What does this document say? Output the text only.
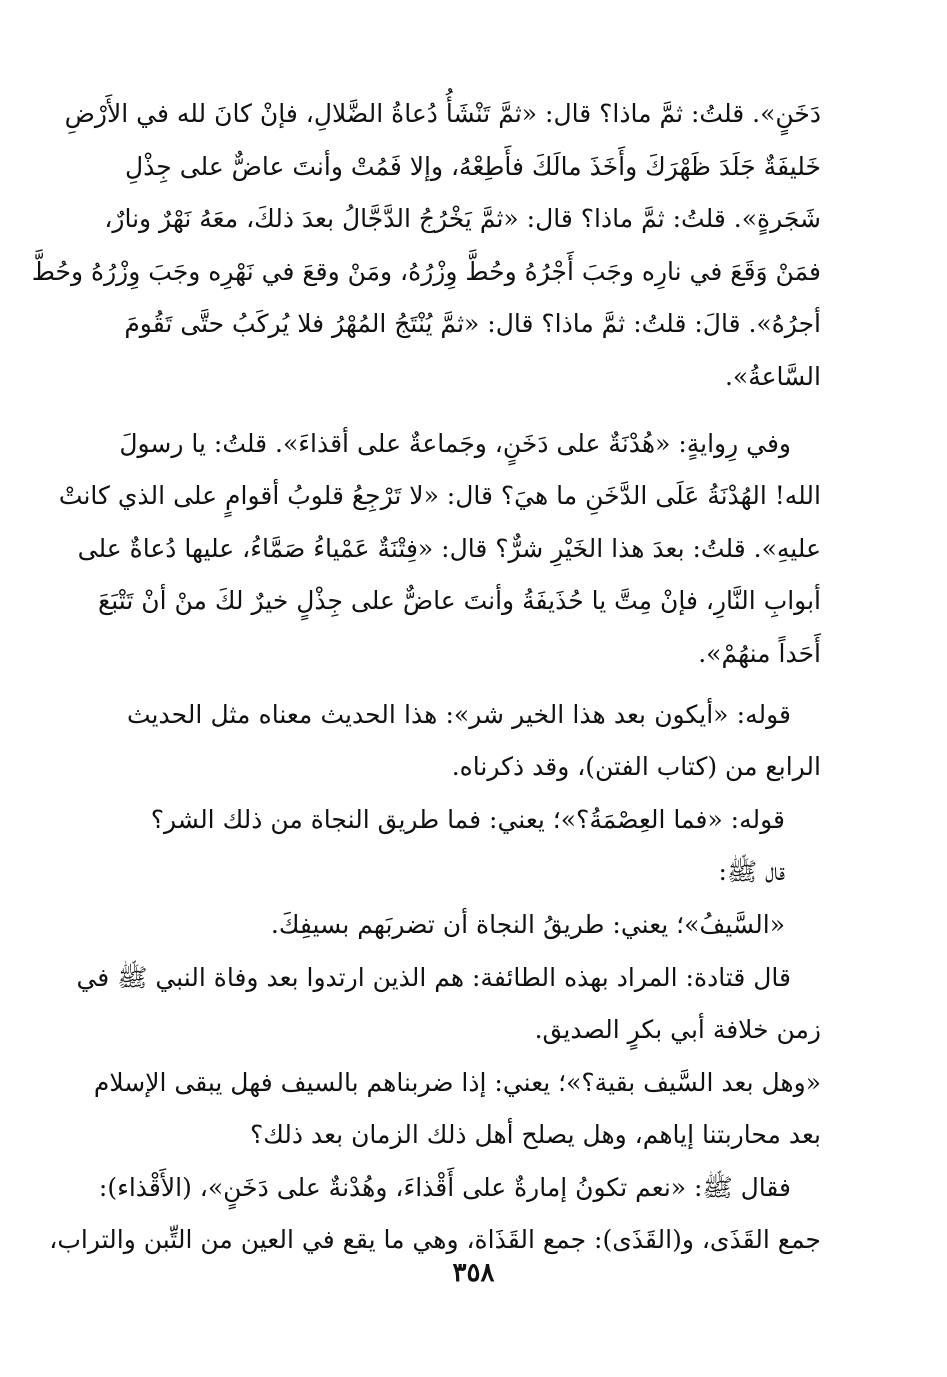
دَخَنٍ». قلتُ: ثمَّ ماذا؟ قال: «ثمَّ تَنْشَأُ دُعاةُ الضَّلالِ، فإنْ كانَ لله في الأَرْضِ
خَليفَةٌ جَلَدَ ظَهْرَكَ وأَخَذَ مالَكَ فأَطِعْهُ، وإلا فَمُتْ وأنتَ عاضٌّ على جِذْلِ
شَجَرةٍ». قلتُ: ثمَّ ماذا؟ قال: «ثمَّ يَخْرُجُ الدَّجَّالُ بعدَ ذلكَ، معَهُ نَهْرٌ ونارٌ،
فمَنْ وَقَعَ في نارِه وجَبَ أَجْرُهُ وحُطَّ وِزْرُهُ، ومَنْ وقعَ في نَهْرِه وجَبَ وِزْرُهُ وحُطَّ
أجرُهُ». قالَ: قلتُ: ثمَّ ماذا؟ قال: «ثمَّ يُنْتَجُ المُهْرُ فلا يُركَبُ حتَّى تَقُومَ
السَّاعةُ».

وفي رِوايةٍ: «هُدْنَةٌ على دَخَنٍ، وجَماعةٌ على أقذاءَ». قلتُ: يا رسولَ
الله! الهُدْنَةُ عَلَى الدَّخَنِ ما هيَ؟ قال: «لا تَرْجِعُ قلوبُ أقوامٍ على الذي كانتْ
عليهِ». قلتُ: بعدَ هذا الخَيْرِ شرٌّ؟ قال: «فِتْنَةٌ عَمْياءُ صَمَّاءُ، عليها دُعاةٌ على
أبوابِ النَّارِ، فإنْ مِتَّ يا حُذَيفَةُ وأنتَ عاضٌّ على جِذْلٍ خيرٌ لكَ منْ أنْ تَتْبَعَ
أَحَداً منهُمْ».

قوله: «أيكون بعد هذا الخير شر»: هذا الحديث معناه مثل الحديث
الرابع من (كتاب الفتن)، وقد ذكرناه.

قوله: «فما العِصْمَةُ؟»؛ يعني: فما طريق النجاة من ذلك الشر؟

قال ﷺ:

«السَّيفُ»؛ يعني: طريقُ النجاة أن تضربَهم بسيفِكَ.

قال قتادة: المراد بهذه الطائفة: هم الذين ارتدوا بعد وفاة النبي ﷺ في
زمن خلافة أبي بكرٍ الصديق.

«وهل بعد السَّيف بقية؟»؛ يعني: إذا ضربناهم بالسيف فهل يبقى الإسلام
بعد محاربتنا إياهم، وهل يصلح أهل ذلك الزمان بعد ذلك؟

فقال ﷺ: «نعم تكونُ إمارةٌ على أَقْذاءَ، وهُدْنةٌ على دَخَنٍ»، (الأَقْذاء):
جمع القَذَى، و(القَذَى): جمع القَذَاة، وهي ما يقع في العين من التِّبن والتراب،

٣٥٨
